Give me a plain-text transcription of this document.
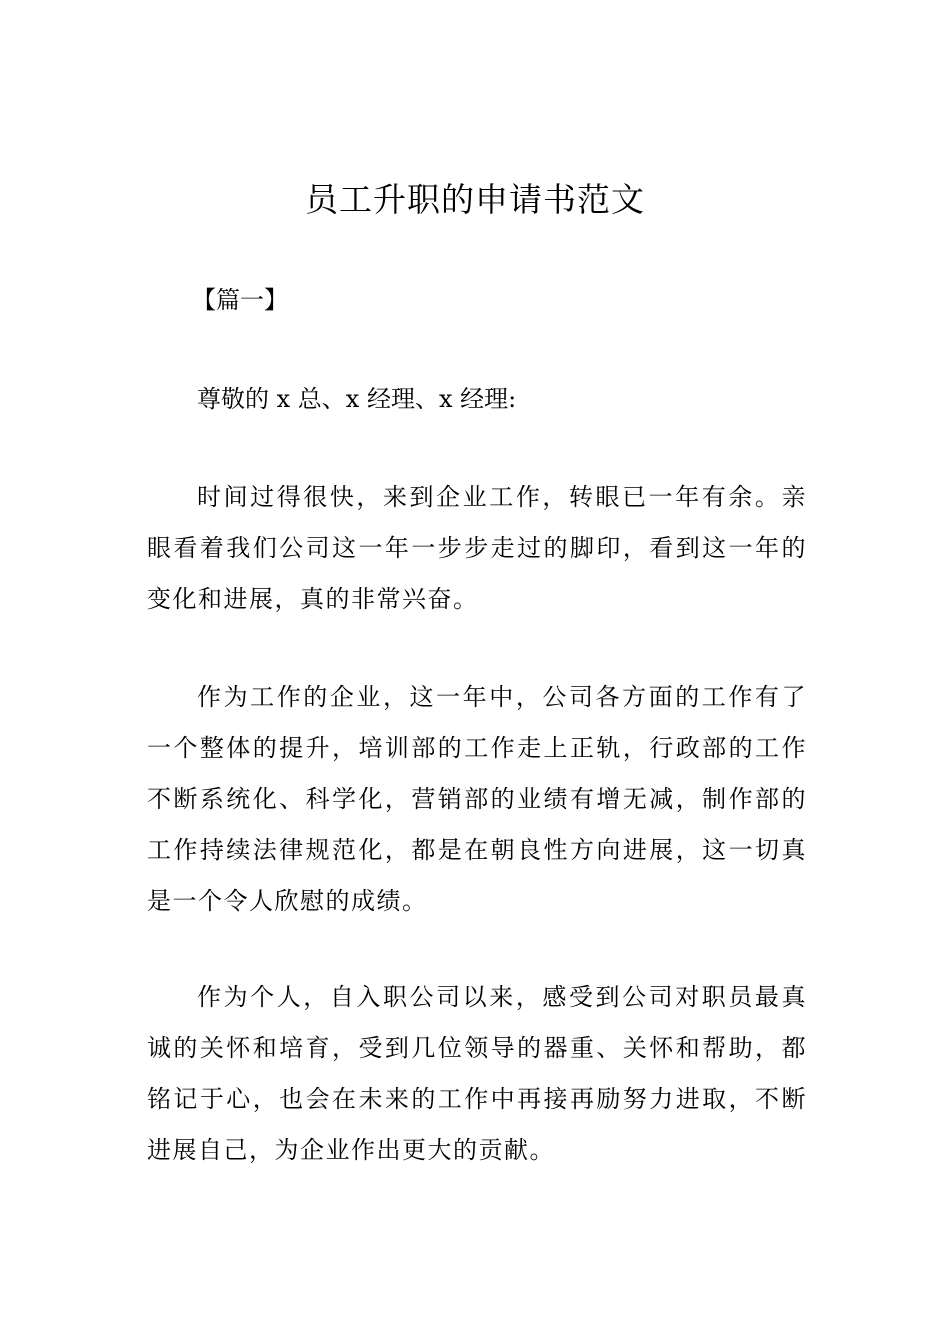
员工升职的申请书范文
【篇一】

尊敬的 x 总、x 经理、x 经理:

时间过得很快，来到企业工作，转眼已一年有余。亲眼看着我们公司这一年一步步走过的脚印，看到这一年的变化和进展，真的非常兴奋。

作为工作的企业，这一年中，公司各方面的工作有了一个整体的提升，培训部的工作走上正轨，行政部的工作不断系统化、科学化，营销部的业绩有增无减，制作部的工作持续法律规范化，都是在朝良性方向进展，这一切真是一个令人欣慰的成绩。

作为个人，自入职公司以来，感受到公司对职员最真诚的关怀和培育，受到几位领导的器重、关怀和帮助，都铭记于心，也会在未来的工作中再接再励努力进取，不断进展自己，为企业作出更大的贡献。
